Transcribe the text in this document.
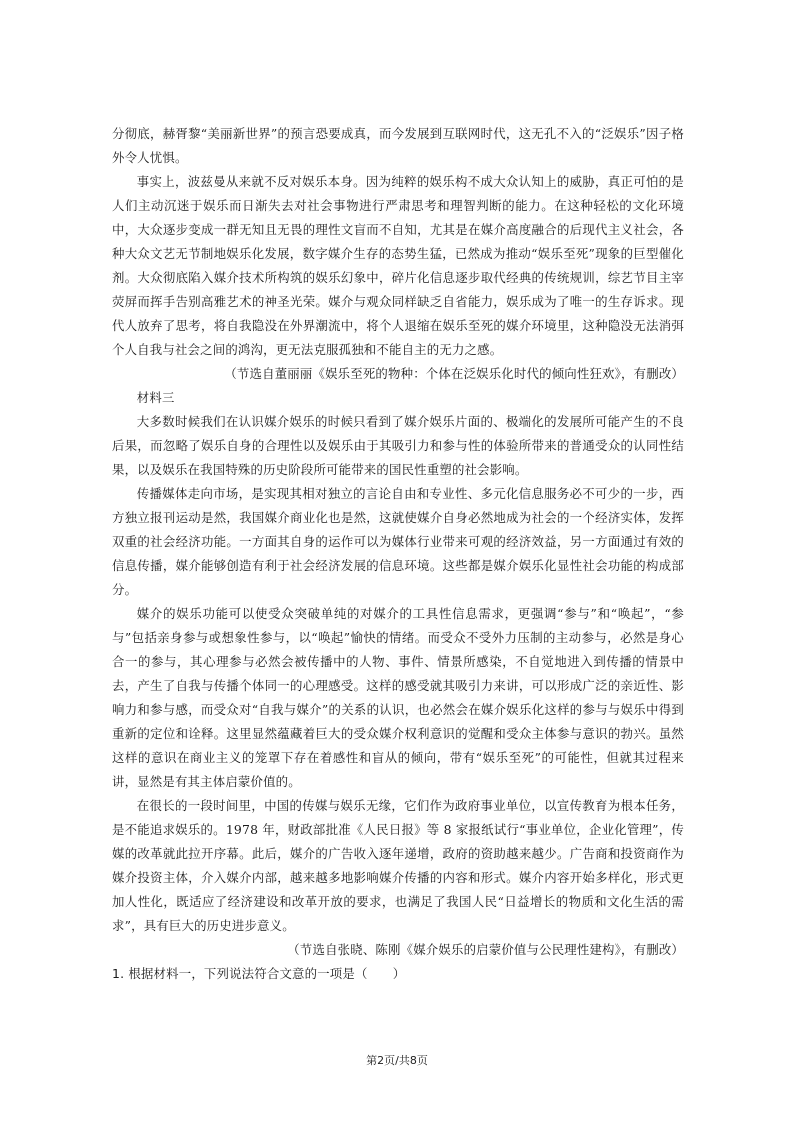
分彻底，赫胥黎“美丽新世界”的预言恐要成真，而今发展到互联网时代，这无孔不入的“泛娱乐”因子格外令人忧惧。

事实上，波兹曼从来就不反对娱乐本身。因为纯粹的娱乐构不成大众认知上的威胁，真正可怕的是人们主动沉迷于娱乐而日渐失去对社会事物进行严肃思考和理智判断的能力。在这种轻松的文化环境中，大众逐步变成一群无知且无畏的理性文盲而不自知，尤其是在媒介高度融合的后现代主义社会，各种大众文艺无节制地娱乐化发展，数字媒介生存的态势生猛，已然成为推动“娱乐至死”现象的巨型催化剂。大众彻底陷入媒介技术所构筑的娱乐幻象中，碎片化信息逐步取代经典的传统规训，综艺节目主宰荧屏而挥手告别高雅艺术的神圣光荣。媒介与观众同样缺乏自省能力，娱乐成为了唯一的生存诉求。现代人放弃了思考，将自我隐没在外界潮流中，将个人退缩在娱乐至死的媒介环境里，这种隐没无法消弭个人自我与社会之间的鸿沟，更无法克服孤独和不能自主的无力之感。

（节选自董丽丽《娱乐至死的物种：个体在泛娱乐化时代的倾向性狂欢》，有删改）

材料三

大多数时候我们在认识媒介娱乐的时候只看到了媒介娱乐片面的、极端化的发展所可能产生的不良后果，而忽略了娱乐自身的合理性以及娱乐由于其吸引力和参与性的体验所带来的普通受众的认同性结果，以及娱乐在我国特殊的历史阶段所可能带来的国民性重塑的社会影响。

传播媒体走向市场，是实现其相对独立的言论自由和专业性、多元化信息服务必不可少的一步，西方独立报刊运动是然，我国媒介商业化也是然，这就使媒介自身必然地成为社会的一个经济实体，发挥双重的社会经济功能。一方面其自身的运作可以为媒体行业带来可观的经济效益，另一方面通过有效的信息传播，媒介能够创造有利于社会经济发展的信息环境。这些都是媒介娱乐化显性社会功能的构成部分。

媒介的娱乐功能可以使受众突破单纯的对媒介的工具性信息需求，更强调“参与”和“唤起”，“参与”包括亲身参与或想象性参与，以“唤起”愉快的情绪。而受众不受外力压制的主动参与，必然是身心合一的参与，其心理参与必然会被传播中的人物、事件、情景所感染，不自觉地进入到传播的情景中去，产生了自我与传播个体同一的心理感受。这样的感受就其吸引力来讲，可以形成广泛的亲近性、影响力和参与感，而受众对“自我与媒介”的关系的认识，也必然会在媒介娱乐化这样的参与与娱乐中得到重新的定位和诠释。这里显然蕴藏着巨大的受众媒介权利意识的觉醒和受众主体参与意识的勃兴。虽然这样的意识在商业主义的笼罩下存在着感性和盲从的倾向，带有“娱乐至死”的可能性，但就其过程来讲，显然是有其主体启蒙价值的。

在很长的一段时间里，中国的传媒与娱乐无缘，它们作为政府事业单位，以宣传教育为根本任务，是不能追求娱乐的。1978 年，财政部批准《人民日报》等 8 家报纸试行“事业单位，企业化管理”，传媒的改革就此拉开序幕。此后，媒介的广告收入逐年递增，政府的资助越来越少。广告商和投资商作为媒介投资主体，介入媒介内部，越来越多地影响媒介传播的内容和形式。媒介内容开始多样化，形式更加人性化，既适应了经济建设和改革开放的要求，也满足了我国人民“日益增长的物质和文化生活的需求”，具有巨大的历史进步意义。

（节选自张晓、陈刚《媒介娱乐的启蒙价值与公民理性建构》，有删改）

1. 根据材料一，下列说法符合文意的一项是（　　）

第2页/共8页
